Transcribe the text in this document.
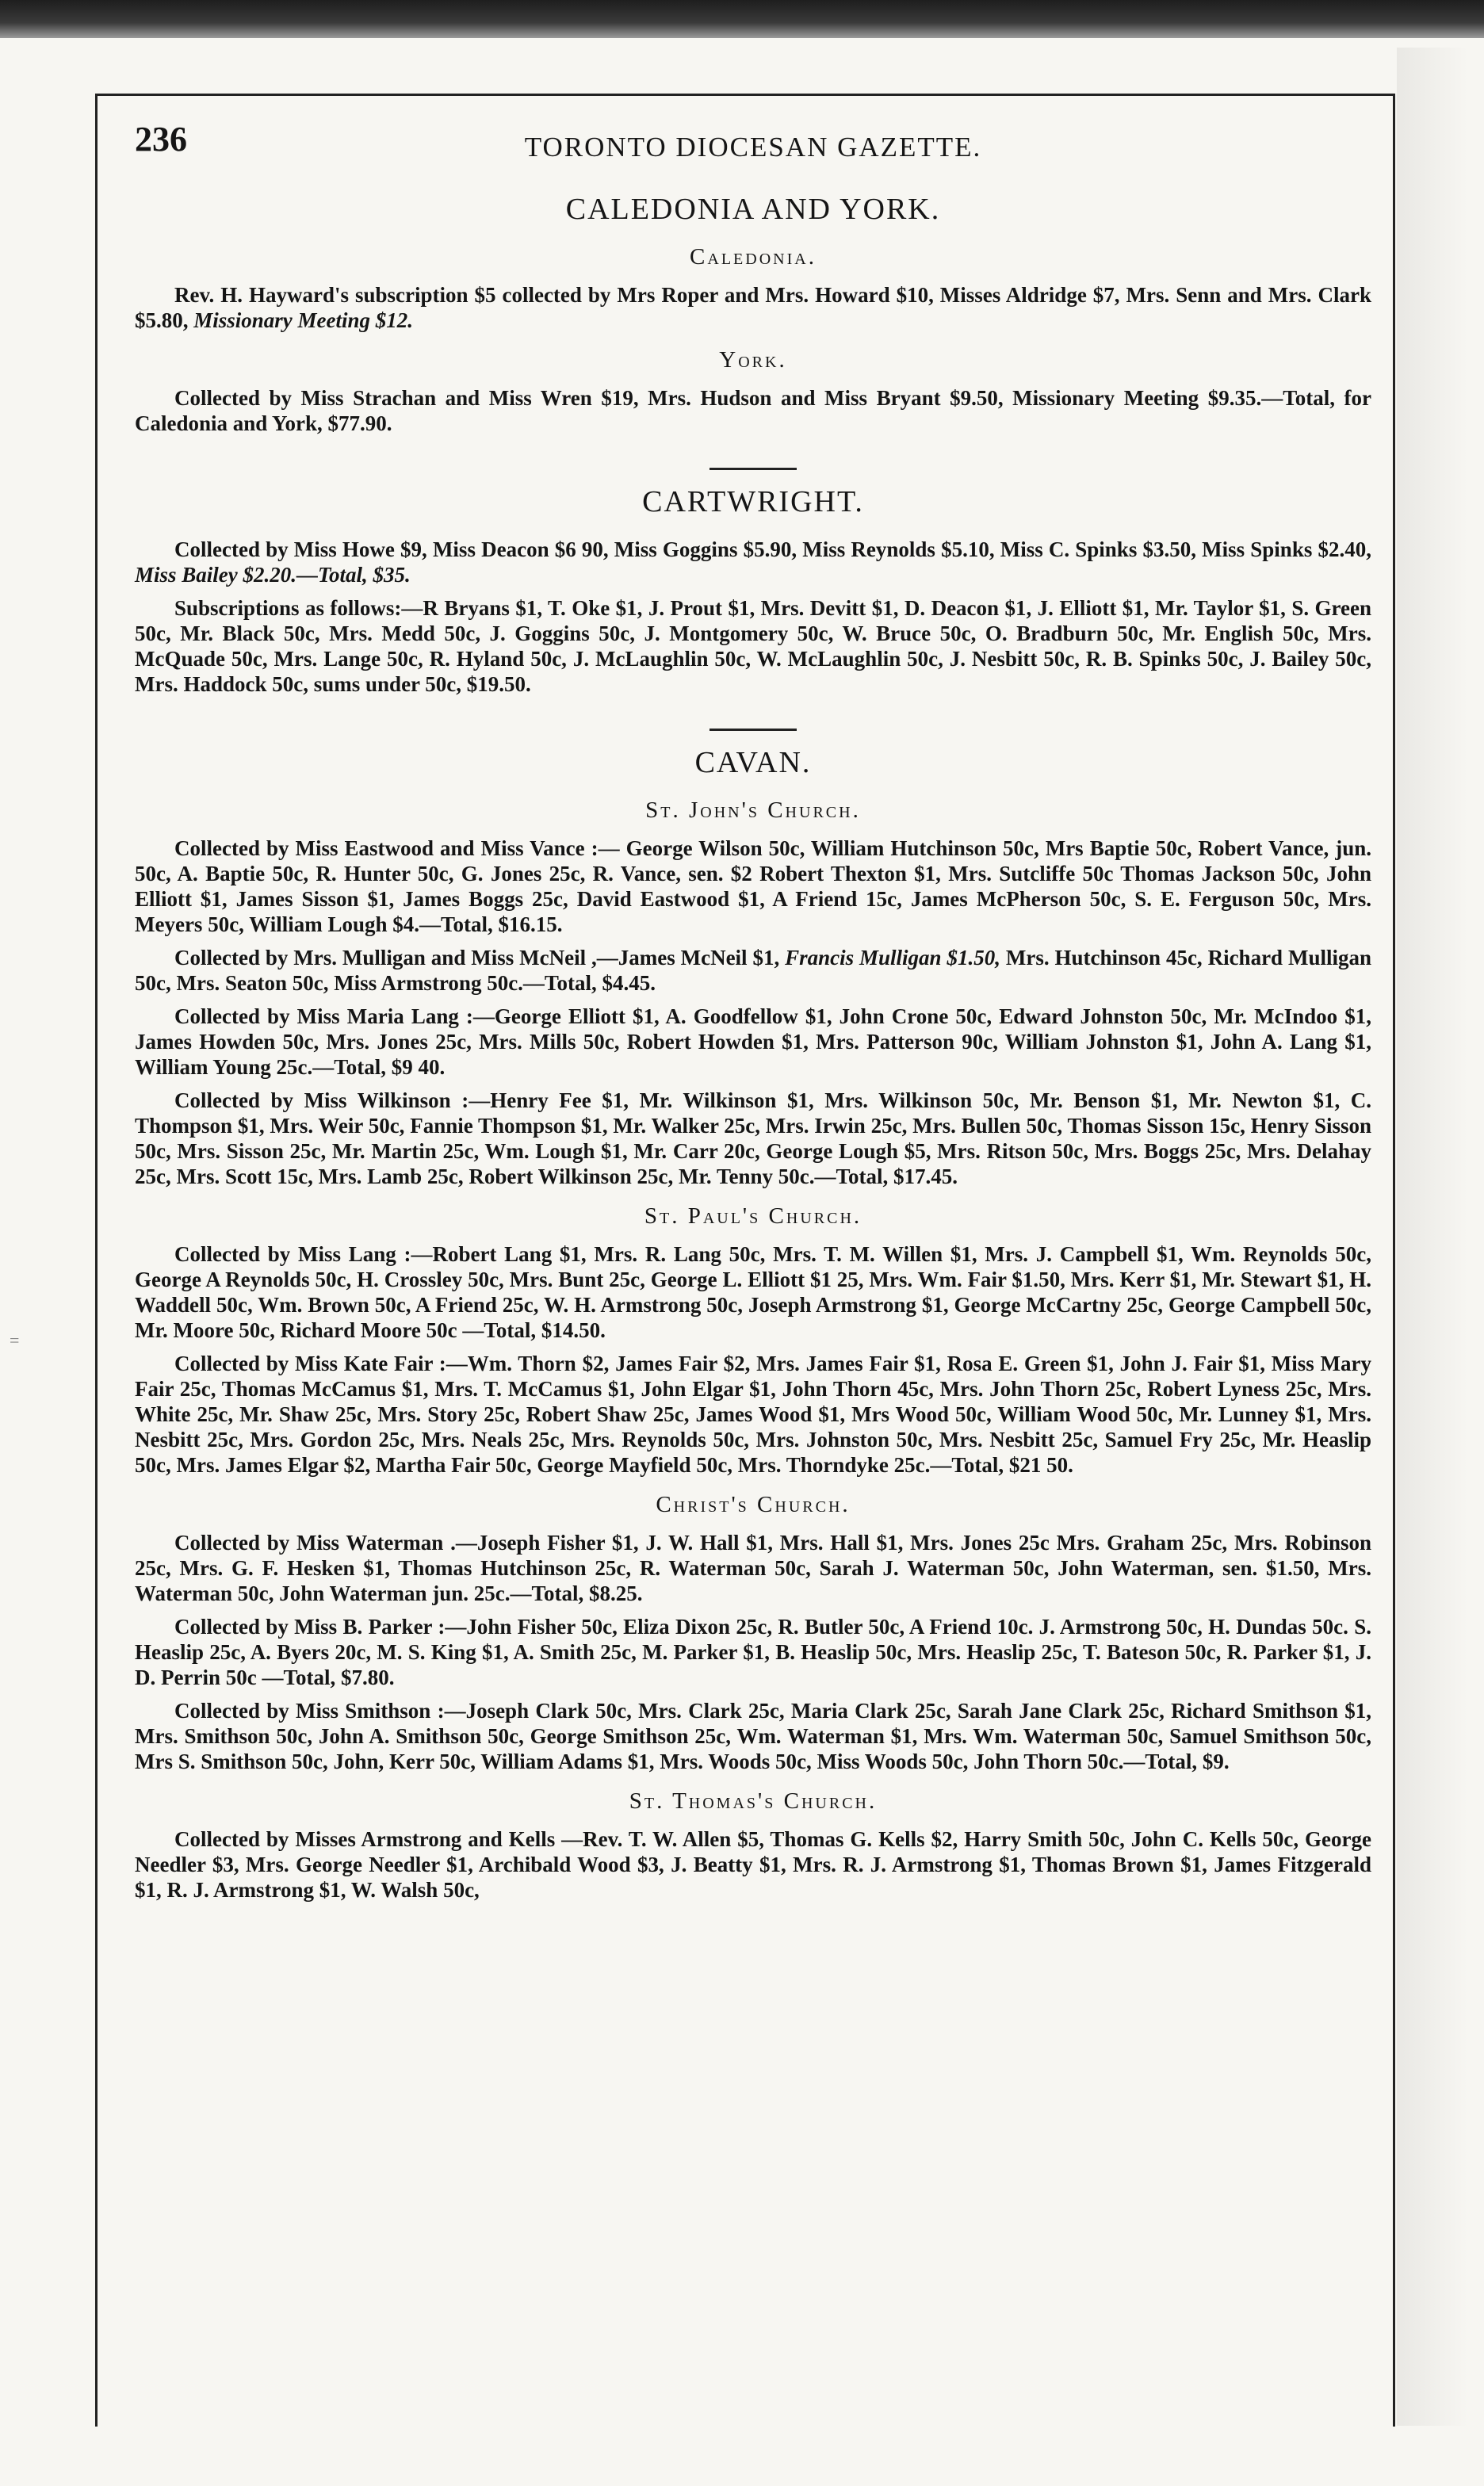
=
236	TORONTO DIOCESAN GAZETTE.
CALEDONIA AND YORK.
Caledonia.

Rev. H. Hayward's subscription $5 collected by Mrs Roper and Mrs. Howard $10, Misses Aldridge $7, Mrs. Senn and Mrs. Clark $5.80, Missionary Meeting $12.

York.

Collected by Miss Strachan and Miss Wren $19, Mrs. Hudson and Miss Bryant $9.50, Missionary Meeting $9.35.—Total, for Caledonia and York, $77.90.

CARTWRIGHT.

Collected by Miss Howe $9, Miss Deacon $6 90, Miss Goggins $5.90, Miss Reynolds $5.10, Miss C. Spinks $3.50, Miss Spinks $2.40, Miss Bailey $2.20.—Total, $35.

Subscriptions as follows:—R Bryans $1, T. Oke $1, J. Prout $1, Mrs. Devitt $1, D. Deacon $1, J. Elliott $1, Mr. Taylor $1, S. Green 50c, Mr. Black 50c, Mrs. Medd 50c, J. Goggins 50c, J. Montgomery 50c, W. Bruce 50c, O. Bradburn 50c, Mr. English 50c, Mrs. McQuade 50c, Mrs. Lange 50c, R. Hyland 50c, J. McLaughlin 50c, W. McLaughlin 50c, J. Nesbitt 50c, R. B. Spinks 50c, J. Bailey 50c, Mrs. Haddock 50c, sums under 50c, $19.50.

CAVAN.
St. John's Church.

Collected by Miss Eastwood and Miss Vance :— George Wilson 50c, William Hutchinson 50c, Mrs Baptie 50c, Robert Vance, jun. 50c, A. Baptie 50c, R. Hunter 50c, G. Jones 25c, R. Vance, sen. $2 Robert Thexton $1, Mrs. Sutcliffe 50c Thomas Jackson 50c, John Elliott $1, James Sisson $1, James Boggs 25c, David Eastwood $1, A Friend 15c, James McPherson 50c, S. E. Ferguson 50c, Mrs. Meyers 50c, William Lough $4.—Total, $16.15.

Collected by Mrs. Mulligan and Miss McNeil ,—James McNeil $1, Francis Mulligan $1.50, Mrs. Hutchinson 45c, Richard Mulligan 50c, Mrs. Seaton 50c, Miss Armstrong 50c.—Total, $4.45.

Collected by Miss Maria Lang :—George Elliott $1, A. Goodfellow $1, John Crone 50c, Edward Johnston 50c, Mr. McIndoo $1, James Howden 50c, Mrs. Jones 25c, Mrs. Mills 50c, Robert Howden $1, Mrs. Patterson 90c, William Johnston $1, John A. Lang $1, William Young 25c.—Total, $9 40.

Collected by Miss Wilkinson :—Henry Fee $1, Mr. Wilkinson $1, Mrs. Wilkinson 50c, Mr. Benson $1, Mr. Newton $1, C. Thompson $1, Mrs. Weir 50c, Fannie Thompson $1, Mr. Walker 25c, Mrs. Irwin 25c, Mrs. Bullen 50c, Thomas Sisson 15c, Henry Sisson 50c, Mrs. Sisson 25c, Mr. Martin 25c, Wm. Lough $1, Mr. Carr 20c, George Lough $5, Mrs. Ritson 50c, Mrs. Boggs 25c, Mrs. Delahay 25c, Mrs. Scott 15c, Mrs. Lamb 25c, Robert Wilkinson 25c, Mr. Tenny 50c.—Total, $17.45.

St. Paul's Church.

Collected by Miss Lang :—Robert Lang $1, Mrs. R. Lang 50c, Mrs. T. M. Willen $1, Mrs. J. Campbell $1, Wm. Reynolds 50c, George A Reynolds 50c, H. Crossley 50c, Mrs. Bunt 25c, George L. Elliott $1 25, Mrs. Wm. Fair $1.50, Mrs. Kerr $1, Mr. Stewart $1, H. Waddell 50c, Wm. Brown 50c, A Friend 25c, W. H. Armstrong 50c, Joseph Armstrong $1, George McCartny 25c, George Campbell 50c, Mr. Moore 50c, Richard Moore 50c —Total, $14.50.

Collected by Miss Kate Fair :—Wm. Thorn $2, James Fair $2, Mrs. James Fair $1, Rosa E. Green $1, John J. Fair $1, Miss Mary Fair 25c, Thomas McCamus $1, Mrs. T. McCamus $1, John Elgar $1, John Thorn 45c, Mrs. John Thorn 25c, Robert Lyness 25c, Mrs. White 25c, Mr. Shaw 25c, Mrs. Story 25c, Robert Shaw 25c, James Wood $1, Mrs Wood 50c, William Wood 50c, Mr. Lunney $1, Mrs. Nesbitt 25c, Mrs. Gordon 25c, Mrs. Neals 25c, Mrs. Reynolds 50c, Mrs. Johnston 50c, Mrs. Nesbitt 25c, Samuel Fry 25c, Mr. Heaslip 50c, Mrs. James Elgar $2, Martha Fair 50c, George Mayfield 50c, Mrs. Thorndyke 25c.—Total, $21 50.

Christ's Church.

Collected by Miss Waterman .—Joseph Fisher $1, J. W. Hall $1, Mrs. Hall $1, Mrs. Jones 25c Mrs. Graham 25c, Mrs. Robinson 25c, Mrs. G. F. Hesken $1, Thomas Hutchinson 25c, R. Waterman 50c, Sarah J. Waterman 50c, John Waterman, sen. $1.50, Mrs. Waterman 50c, John Waterman jun. 25c.—Total, $8.25.

Collected by Miss B. Parker :—John Fisher 50c, Eliza Dixon 25c, R. Butler 50c, A Friend 10c. J. Armstrong 50c, H. Dundas 50c. S. Heaslip 25c, A. Byers 20c, M. S. King $1, A. Smith 25c, M. Parker $1, B. Heaslip 50c, Mrs. Heaslip 25c, T. Bateson 50c, R. Parker $1, J. D. Perrin 50c —Total, $7.80.

Collected by Miss Smithson :—Joseph Clark 50c, Mrs. Clark 25c, Maria Clark 25c, Sarah Jane Clark 25c, Richard Smithson $1, Mrs. Smithson 50c, John A. Smithson 50c, George Smithson 25c, Wm. Waterman $1, Mrs. Wm. Waterman 50c, Samuel Smithson 50c, Mrs S. Smithson 50c, John, Kerr 50c, William Adams $1, Mrs. Woods 50c, Miss Woods 50c, John Thorn 50c.—Total, $9.

St. Thomas's Church.

Collected by Misses Armstrong and Kells —Rev. T. W. Allen $5, Thomas G. Kells $2, Harry Smith 50c, John C. Kells 50c, George Needler $3, Mrs. George Needler $1, Archibald Wood $3, J. Beatty $1, Mrs. R. J. Armstrong $1, Thomas Brown $1, James Fitzgerald $1, R. J. Armstrong $1, W. Walsh 50c,
